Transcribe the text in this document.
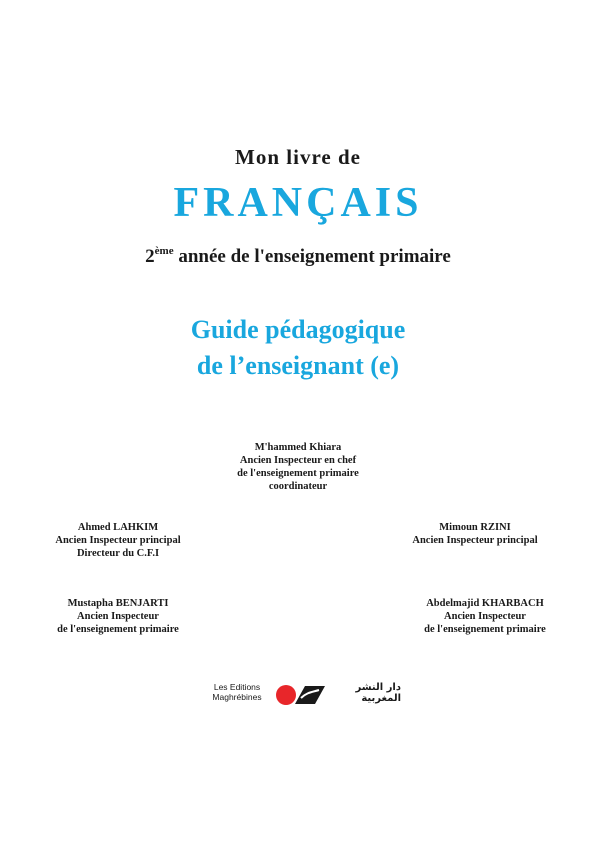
Mon livre de
FRANÇAIS
2ème année de l'enseignement primaire
Guide pédagogique
de l’enseignant (e)
M'hammed Khiara
Ancien Inspecteur en chef
de l'enseignement primaire
coordinateur
Ahmed LAHKIM
Ancien Inspecteur principal
Directeur du C.F.I
Mimoun RZINI
Ancien Inspecteur principal
Mustapha BENJARTI
Ancien Inspecteur
de l'enseignement primaire
Abdelmajid KHARBACH
Ancien Inspecteur
de l'enseignement primaire
Les Editions
Maghrébines
دار النشر
المغربية
